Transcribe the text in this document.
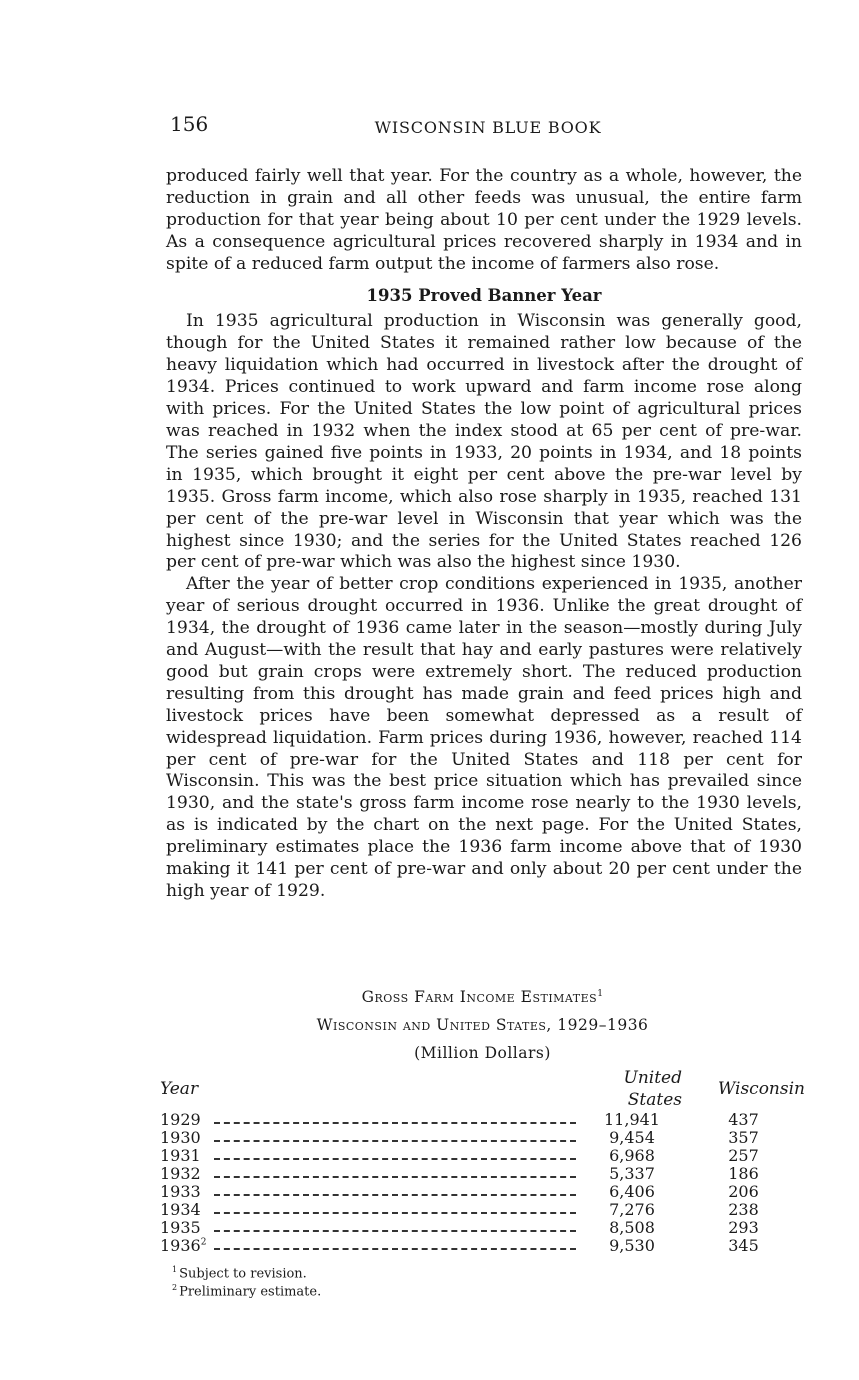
156	WISCONSIN BLUE BOOK

produced fairly well that year. For the country as a whole, however, the reduction in grain and all other feeds was unusual, the entire farm production for that year being about 10 per cent under the 1929 levels. As a consequence agricultural prices recovered sharply in 1934 and in spite of a reduced farm output the income of farmers also rose.

1935 Proved Banner Year

In 1935 agricultural production in Wisconsin was generally good, though for the United States it remained rather low because of the heavy liquidation which had occurred in livestock after the drought of 1934. Prices continued to work upward and farm income rose along with prices. For the United States the low point of agricultural prices was reached in 1932 when the index stood at 65 per cent of pre-war. The series gained five points in 1933, 20 points in 1934, and 18 points in 1935, which brought it eight per cent above the pre-war level by 1935. Gross farm income, which also rose sharply in 1935, reached 131 per cent of the pre-war level in Wisconsin that year which was the highest since 1930; and the series for the United States reached 126 per cent of pre-war which was also the highest since 1930.

After the year of better crop conditions experienced in 1935, another year of serious drought occurred in 1936. Unlike the great drought of 1934, the drought of 1936 came later in the season—mostly during July and August—with the result that hay and early pastures were relatively good but grain crops were extremely short. The reduced production resulting from this drought has made grain and feed prices high and livestock prices have been somewhat depressed as a result of widespread liquidation. Farm prices during 1936, however, reached 114 per cent of pre-war for the United States and 118 per cent for Wisconsin. This was the best price situation which has prevailed since 1930, and the state's gross farm income rose nearly to the 1930 levels, as is indicated by the chart on the next page. For the United States, preliminary estimates place the 1936 farm income above that of 1930 making it 141 per cent of pre-war and only about 20 per cent under the high year of 1929.

Gross Farm Income Estimates$^1$
Wisconsin and United States, 1929–1936
(Million Dollars)
Year		United States	Wisconsin
1929		11,941	437
1930		9,454	357
1931		6,968	257
1932		5,337	186
1933		6,406	206
1934		7,276	238
1935		8,508	293
1936$^2$		9,530	345
$^1$ Subject to revision.
$^2$ Preliminary estimate.
